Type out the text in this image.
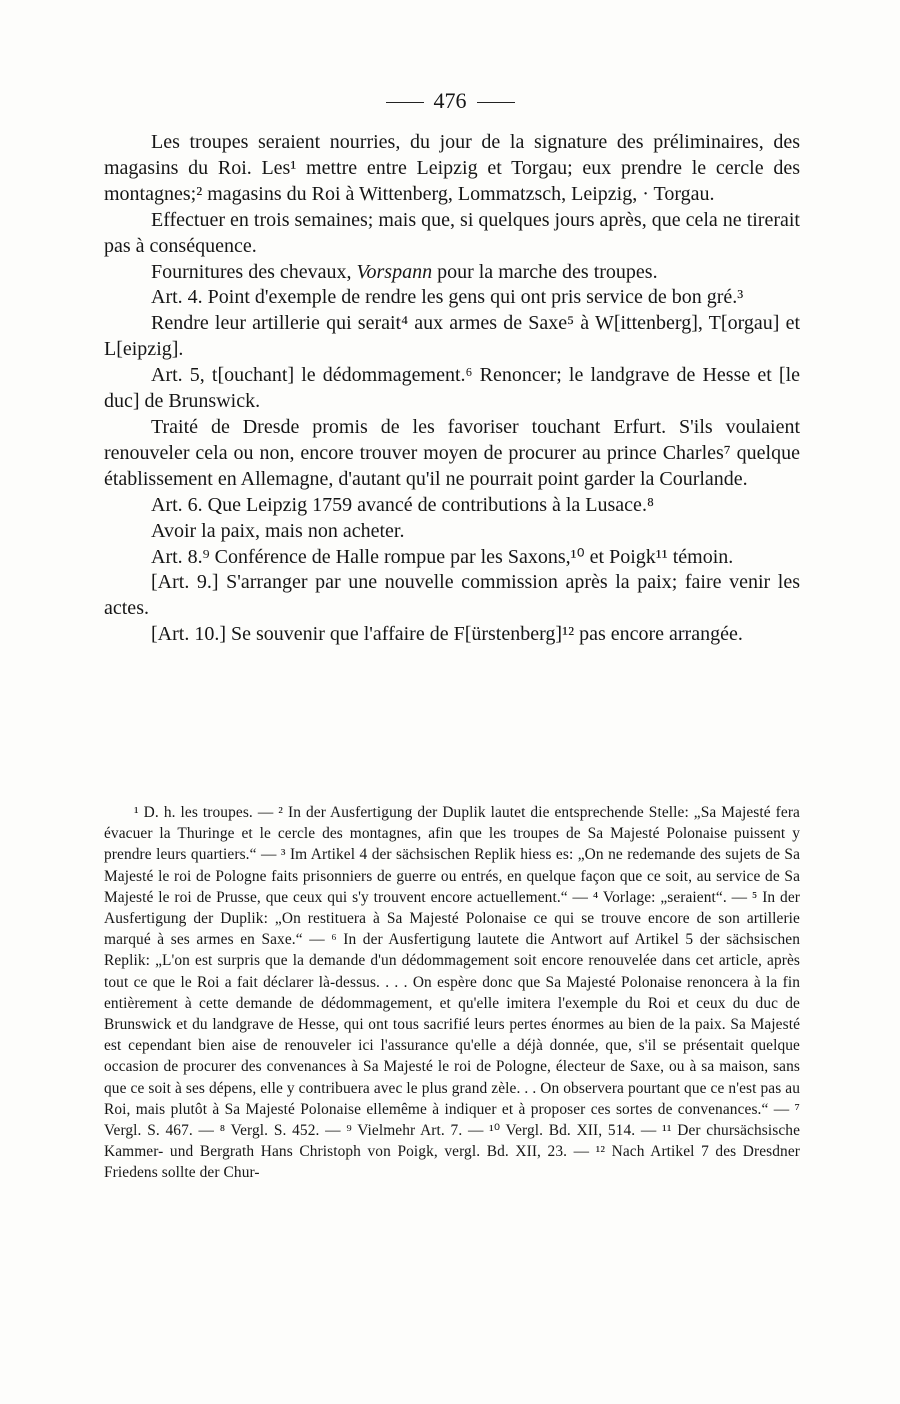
476

Les troupes seraient nourries, du jour de la signature des préliminaires, des magasins du Roi. Les¹ mettre entre Leipzig et Torgau; eux prendre le cercle des montagnes;² magasins du Roi à Wittenberg, Lommatzsch, Leipzig, · Torgau.

Effectuer en trois semaines; mais que, si quelques jours après, que cela ne tirerait pas à conséquence.

Fournitures des chevaux, Vorspann pour la marche des troupes.

Art. 4. Point d'exemple de rendre les gens qui ont pris service de bon gré.³

Rendre leur artillerie qui serait⁴ aux armes de Saxe⁵ à W[ittenberg], T[orgau] et L[eipzig].

Art. 5, t[ouchant] le dédommagement.⁶ Renoncer; le landgrave de Hesse et [le duc] de Brunswick.

Traité de Dresde promis de les favoriser touchant Erfurt. S'ils voulaient renouveler cela ou non, encore trouver moyen de procurer au prince Charles⁷ quelque établissement en Allemagne, d'autant qu'il ne pourrait point garder la Courlande.

Art. 6. Que Leipzig 1759 avancé de contributions à la Lusace.⁸

Avoir la paix, mais non acheter.

Art. 8.⁹ Conférence de Halle rompue par les Saxons,¹⁰ et Poigk¹¹ témoin.

[Art. 9.] S'arranger par une nouvelle commission après la paix; faire venir les actes.

[Art. 10.] Se souvenir que l'affaire de F[ürstenberg]¹² pas encore arrangée.

¹ D. h. les troupes. — ² In der Ausfertigung der Duplik lautet die entsprechende Stelle: „Sa Majesté fera évacuer la Thuringe et le cercle des montagnes, afin que les troupes de Sa Majesté Polonaise puissent y prendre leurs quartiers.“ — ³ Im Artikel 4 der sächsischen Replik hiess es: „On ne redemande des sujets de Sa Majesté le roi de Pologne faits prisonniers de guerre ou entrés, en quelque façon que ce soit, au service de Sa Majesté le roi de Prusse, que ceux qui s'y trouvent encore actuellement.“ — ⁴ Vorlage: „seraient“. — ⁵ In der Ausfertigung der Duplik: „On restituera à Sa Majesté Polonaise ce qui se trouve encore de son artillerie marqué à ses armes en Saxe.“ — ⁶ In der Ausfertigung lautete die Antwort auf Artikel 5 der sächsischen Replik: „L'on est surpris que la demande d'un dédommagement soit encore renouvelée dans cet article, après tout ce que le Roi a fait déclarer là-dessus. . . . On espère donc que Sa Majesté Polonaise renoncera à la fin entièrement à cette demande de dédommagement, et qu'elle imitera l'exemple du Roi et ceux du duc de Brunswick et du landgrave de Hesse, qui ont tous sacrifié leurs pertes énormes au bien de la paix. Sa Majesté est cependant bien aise de renouveler ici l'assurance qu'elle a déjà donnée, que, s'il se présentait quelque occasion de procurer des convenances à Sa Majesté le roi de Pologne, électeur de Saxe, ou à sa maison, sans que ce soit à ses dépens, elle y contribuera avec le plus grand zèle. . . On observera pourtant que ce n'est pas au Roi, mais plutôt à Sa Majesté Polonaise ellemême à indiquer et à proposer ces sortes de convenances.“ — ⁷ Vergl. S. 467. — ⁸ Vergl. S. 452. — ⁹ Vielmehr Art. 7. — ¹⁰ Vergl. Bd. XII, 514. — ¹¹ Der chursächsische Kammer- und Bergrath Hans Christoph von Poigk, vergl. Bd. XII, 23. — ¹² Nach Artikel 7 des Dresdner Friedens sollte der Chur-
